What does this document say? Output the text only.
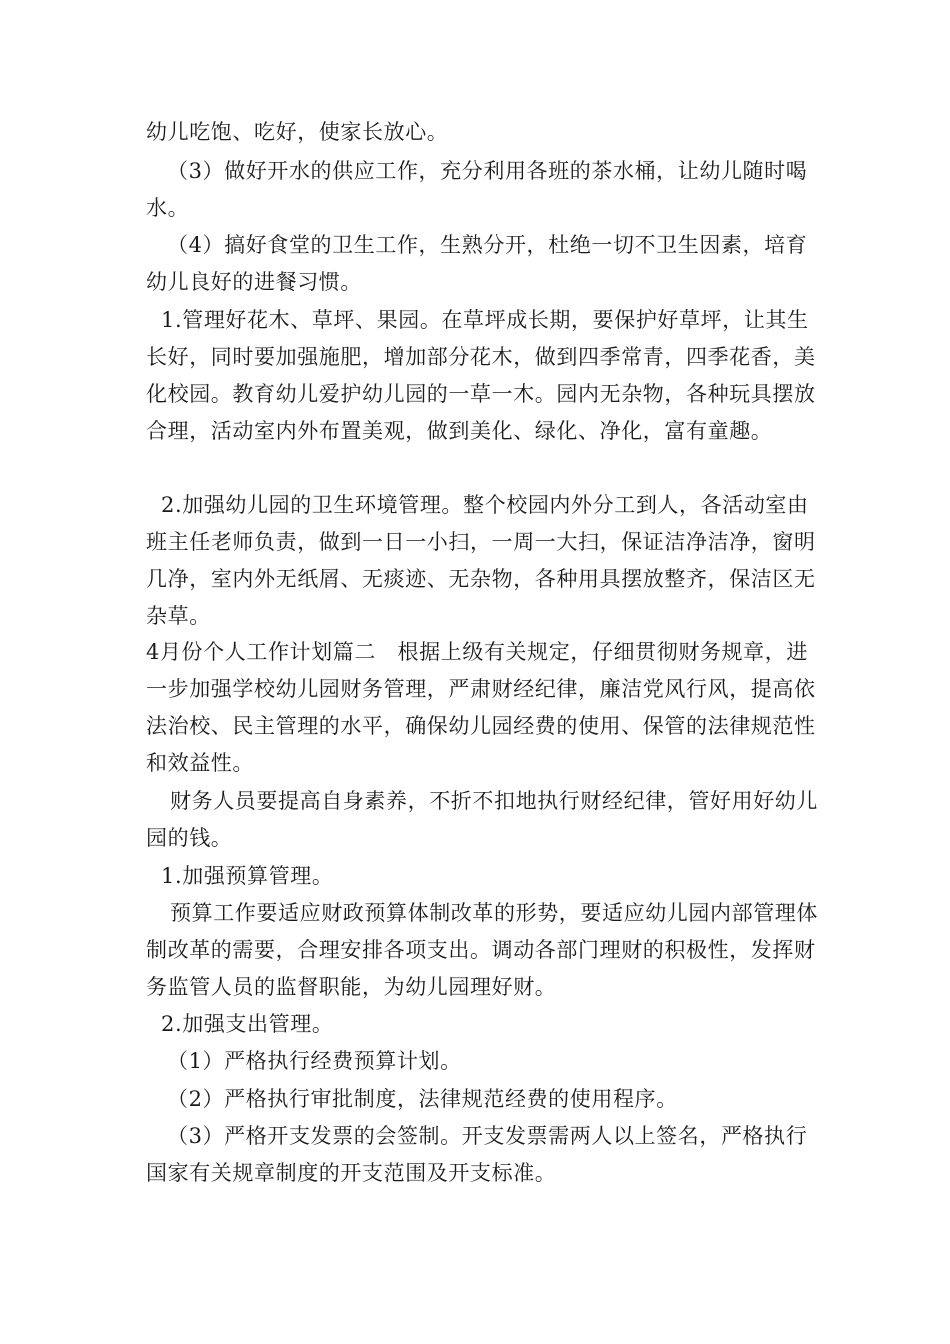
幼儿吃饱、吃好，使家长放心。

（3）做好开水的供应工作，充分利用各班的茶水桶，让幼儿随时喝水。

（4）搞好食堂的卫生工作，生熟分开，杜绝一切不卫生因素，培育幼儿良好的进餐习惯。

1.管理好花木、草坪、果园。在草坪成长期，要保护好草坪，让其生长好，同时要加强施肥，增加部分花木，做到四季常青，四季花香，美化校园。教育幼儿爱护幼儿园的一草一木。园内无杂物，各种玩具摆放合理，活动室内外布置美观，做到美化、绿化、净化，富有童趣。

2.加强幼儿园的卫生环境管理。整个校园内外分工到人，各活动室由班主任老师负责，做到一日一小扫，一周一大扫，保证洁净洁净，窗明几净，室内外无纸屑、无痰迹、无杂物，各种用具摆放整齐，保洁区无杂草。

4月份个人工作计划篇二　根据上级有关规定，仔细贯彻财务规章，进一步加强学校幼儿园财务管理，严肃财经纪律，廉洁党风行风，提高依法治校、民主管理的水平，确保幼儿园经费的使用、保管的法律规范性和效益性。

财务人员要提高自身素养，不折不扣地执行财经纪律，管好用好幼儿园的钱。

1.加强预算管理。

预算工作要适应财政预算体制改革的形势，要适应幼儿园内部管理体制改革的需要，合理安排各项支出。调动各部门理财的积极性，发挥财务监管人员的监督职能，为幼儿园理好财。

2.加强支出管理。

（1）严格执行经费预算计划。

（2）严格执行审批制度，法律规范经费的使用程序。

（3）严格开支发票的会签制。开支发票需两人以上签名，严格执行国家有关规章制度的开支范围及开支标准。
